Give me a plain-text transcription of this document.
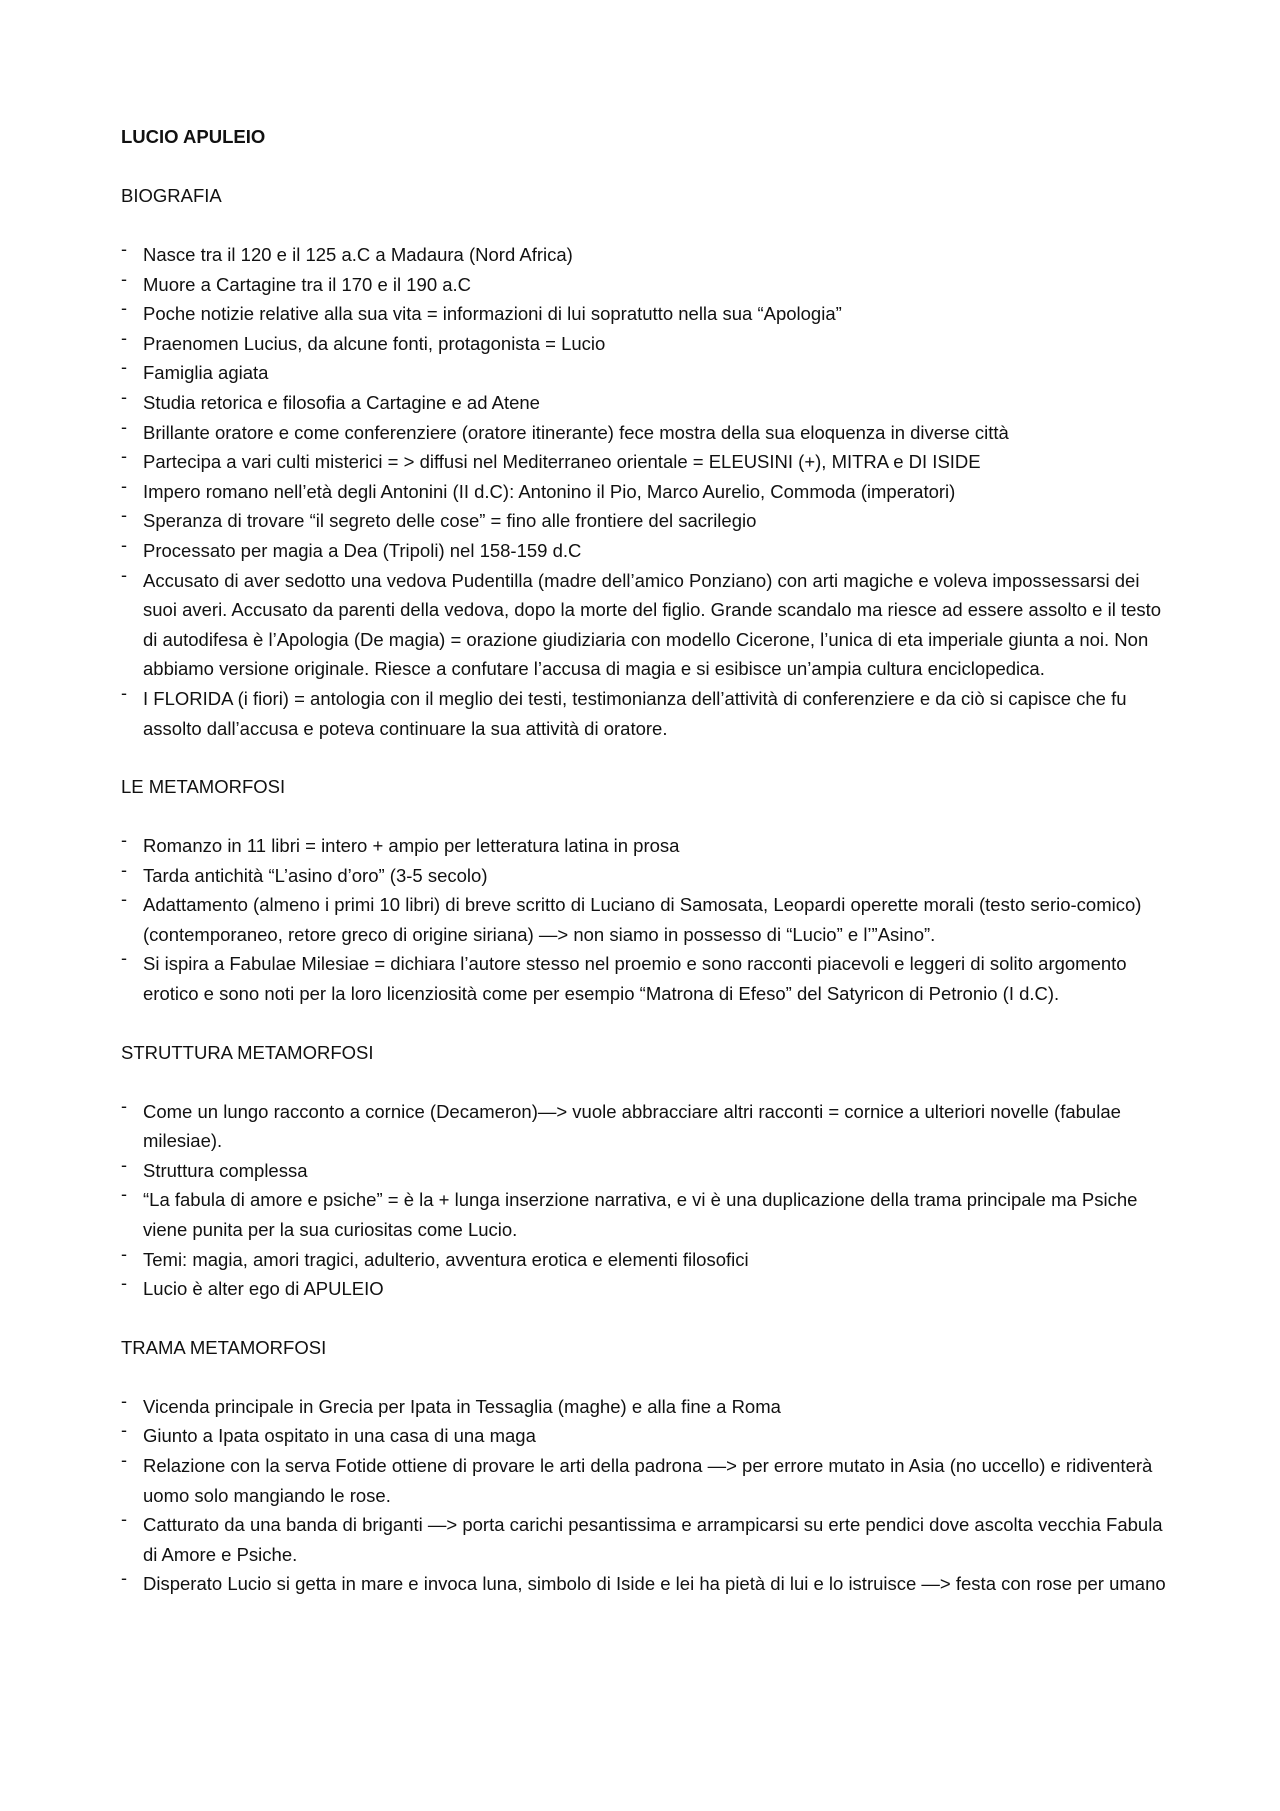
LUCIO APULEIO
BIOGRAFIA
- Nasce tra il 120 e il 125 a.C a Madaura (Nord Africa)
- Muore a Cartagine tra il 170 e il 190 a.C
- Poche notizie relative alla sua vita = informazioni di lui sopratutto nella sua “Apologia”
- Praenomen Lucius, da alcune fonti, protagonista = Lucio
- Famiglia agiata
- Studia retorica e filosofia a Cartagine e ad Atene
- Brillante oratore e come conferenziere (oratore itinerante) fece mostra della sua eloquenza in diverse città
- Partecipa a vari culti misterici = > diffusi nel Mediterraneo orientale = ELEUSINI (+), MITRA e DI ISIDE
- Impero romano nell’età degli Antonini (II d.C): Antonino il Pio, Marco Aurelio, Commoda (imperatori)
- Speranza di trovare “il segreto delle cose” = fino alle frontiere del sacrilegio
- Processato per magia a Dea (Tripoli) nel 158-159 d.C
- Accusato di aver sedotto una vedova Pudentilla (madre dell’amico Ponziano) con arti magiche e voleva impossessarsi dei suoi averi. Accusato da parenti della vedova, dopo la morte del figlio. Grande scandalo ma riesce ad essere assolto e il testo di autodifesa è l’Apologia (De magia) = orazione giudiziaria con modello Cicerone, l’unica di eta imperiale giunta a noi. Non abbiamo versione originale. Riesce a confutare l’accusa di magia e si esibisce un’ampia cultura enciclopedica.
- I FLORIDA (i fiori) = antologia con il meglio dei testi, testimonianza dell’attività di conferenziere e da ciò si capisce che fu assolto dall’accusa e poteva continuare la sua attività di oratore.
LE METAMORFOSI
- Romanzo in 11 libri = intero + ampio per letteratura latina in prosa
- Tarda antichità “L’asino d’oro” (3-5 secolo)
- Adattamento (almeno i primi 10 libri) di breve scritto di Luciano di Samosata, Leopardi operette morali (testo serio-comico) (contemporaneo, retore greco di origine siriana) —> non siamo in possesso di “Lucio” e l’”Asino”.
- Si ispira a Fabulae Milesiae = dichiara l’autore stesso nel proemio e sono racconti piacevoli e leggeri di solito argomento erotico e sono noti per la loro licenziosità come per esempio “Matrona di Efeso” del Satyricon di Petronio (I d.C).
STRUTTURA METAMORFOSI
- Come un lungo racconto a cornice (Decameron)—> vuole abbracciare altri racconti = cornice a ulteriori novelle (fabulae milesiae).
- Struttura complessa
- “La fabula di amore e psiche” = è la + lunga inserzione narrativa, e vi è una duplicazione della trama principale ma Psiche viene punita per la sua curiositas come Lucio.
- Temi: magia, amori tragici, adulterio, avventura erotica e elementi filosofici
- Lucio è alter ego di APULEIO
TRAMA METAMORFOSI
- Vicenda principale in Grecia per Ipata in Tessaglia (maghe) e alla fine a Roma
- Giunto a Ipata ospitato in una casa di una maga
- Relazione con la serva Fotide ottiene di provare le arti della padrona —> per errore mutato in Asia (no uccello) e ridiventerà uomo solo mangiando le rose.
- Catturato da una banda di briganti —> porta carichi pesantissima e arrampicarsi su erte pendici dove ascolta vecchia Fabula di Amore e Psiche.
- Disperato Lucio si getta in mare e invoca luna, simbolo di Iside e lei ha pietà di lui e lo istruisce —> festa con rose per umano
